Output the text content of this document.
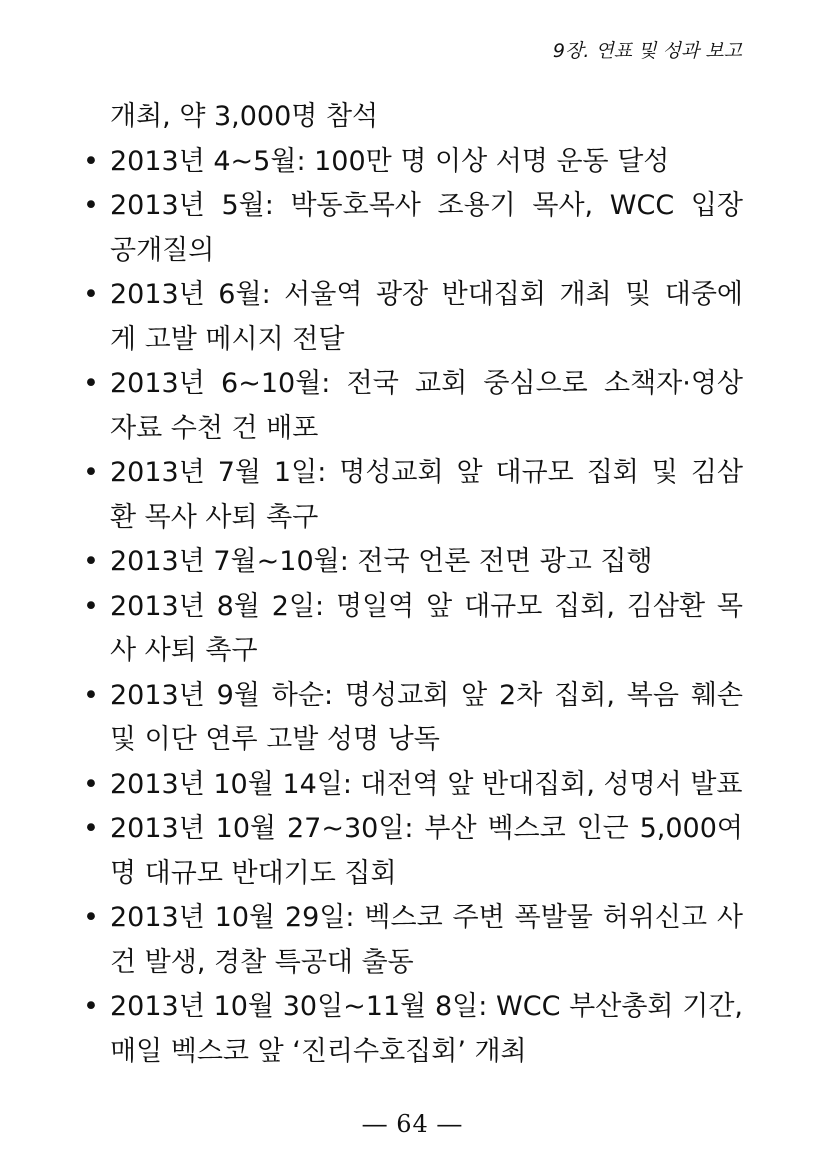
9장. 연표 및 성과 보고
개최, 약 3,000명 참석
• 2013년 4~5월: 100만 명 이상 서명 운동 달성
• 2013년 5월: 박동호목사 조용기 목사, WCC 입장
공개질의
• 2013년 6월: 서울역 광장 반대집회 개최 및 대중에
게 고발 메시지 전달
• 2013년 6~10월: 전국 교회 중심으로 소책자·영상
자료 수천 건 배포
• 2013년 7월 1일: 명성교회 앞 대규모 집회 및 김삼
환 목사 사퇴 촉구
• 2013년 7월~10월: 전국 언론 전면 광고 집행
• 2013년 8월 2일: 명일역 앞 대규모 집회, 김삼환 목
사 사퇴 촉구
• 2013년 9월 하순: 명성교회 앞 2차 집회, 복음 훼손
및 이단 연루 고발 성명 낭독
• 2013년 10월 14일: 대전역 앞 반대집회, 성명서 발표
• 2013년 10월 27~30일: 부산 벡스코 인근 5,000여
명 대규모 반대기도 집회
• 2013년 10월 29일: 벡스코 주변 폭발물 허위신고 사
건 발생, 경찰 특공대 출동
• 2013년 10월 30일~11월 8일: WCC 부산총회 기간,
매일 벡스코 앞 ‘진리수호집회’ 개최
― 64 ―
